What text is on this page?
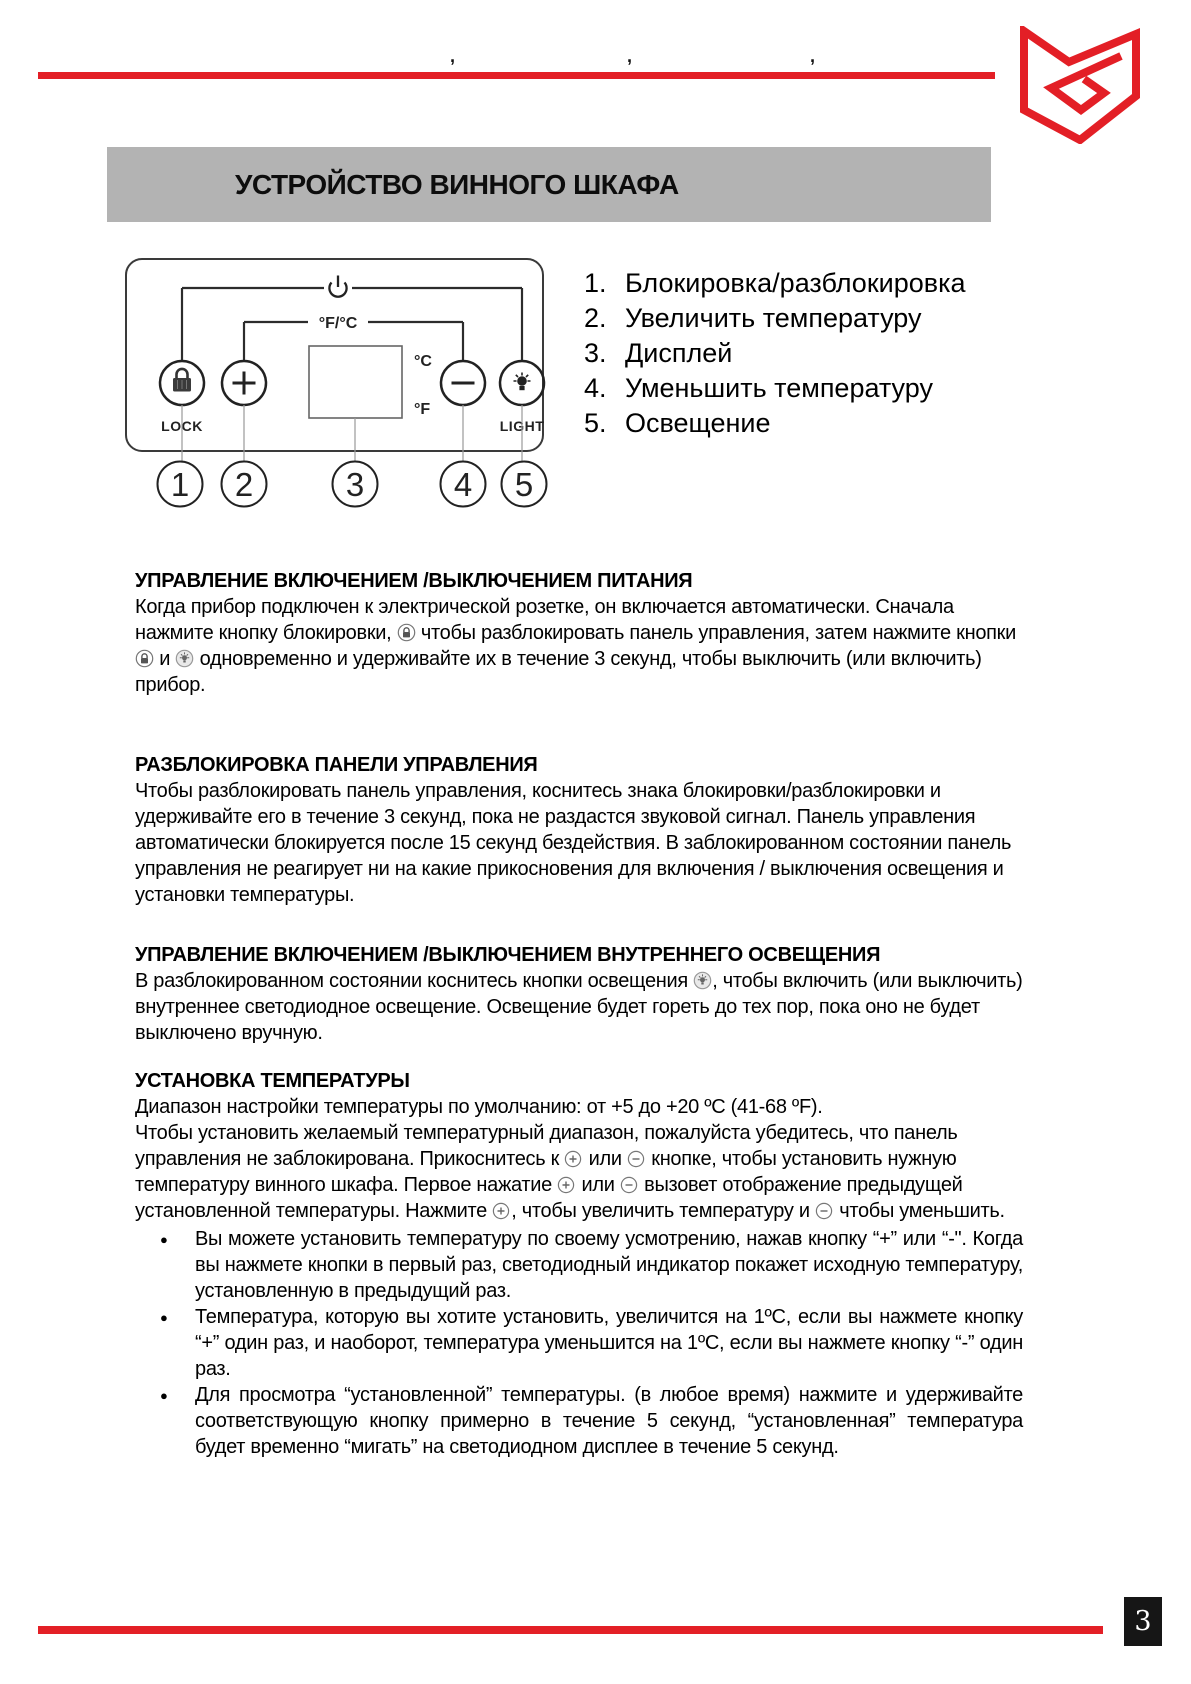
,	,	,
УСТРОЙСТВО ВИННОГО ШКАФА
°F/°C
LOCK
°C
°F
LIGHT
1 2	3	4 5
1. Блокировка/разблокировка
2. Увеличить температуру
3. Дисплей
4. Уменьшить температуру
5. Освещение
УПРАВЛЕНИЕ ВКЛЮЧЕНИЕМ /ВЫКЛЮЧЕНИЕМ ПИТАНИЯ

Когда прибор подключен к электрической розетке, он включается автоматически. Сначала нажмите кнопку блокировки,  чтобы разблокировать панель управления, затем нажмите кнопки  и  одновременно и удерживайте их в течение 3 секунд, чтобы выключить (или включить) прибор.

РАЗБЛОКИРОВКА ПАНЕЛИ УПРАВЛЕНИЯ

Чтобы разблокировать панель управления, коснитесь знака блокировки/разблокировки и удерживайте его в течение 3 секунд, пока не раздастся звуковой сигнал. Панель управления автоматически блокируется после 15 секунд бездействия. В заблокированном состоянии панель управления не реагирует ни на какие прикосновения для включения / выключения освещения и установки температуры.

УПРАВЛЕНИЕ ВКЛЮЧЕНИЕМ /ВЫКЛЮЧЕНИЕМ ВНУТРЕННЕГО ОСВЕЩЕНИЯ

В разблокированном состоянии коснитесь кнопки освещения , чтобы включить (или выключить) внутреннее светодиодное освещение. Освещение будет гореть до тех пор, пока оно не будет выключено вручную.

УСТАНОВКА ТЕМПЕРАТУРЫ

Диапазон настройки температуры по умолчанию: от +5 до +20 ºС (41-68 ºF).

Чтобы установить желаемый температурный диапазон, пожалуйста убедитесь, что панель управления не заблокирована. Прикоснитесь к  или  кнопке, чтобы установить нужную температуру винного шкафа. Первое нажатие  или  вызовет отображение предыдущей установленной температуры. Нажмите , чтобы увеличить температуру и  чтобы уменьшить.

● Вы можете установить температуру по своему усмотрению, нажав кнопку “+” или “-". Когда вы нажмете кнопки в первый раз, светодиодный индикатор покажет исходную температуру, установленную в предыдущий раз.
● Температура, которую вы хотите установить, увеличится на 1ºС, если вы нажмете кнопку “+” один раз, и наоборот, температура уменьшится на 1ºС, если вы нажмете кнопку “-” один раз.
● Для просмотра “установленной” температуры. (в любое время) нажмите и удерживайте соответствующую кнопку примерно в течение 5 секунд, “установленная” температура будет временно “мигать” на светодиодном дисплее в течение 5 секунд.
3
